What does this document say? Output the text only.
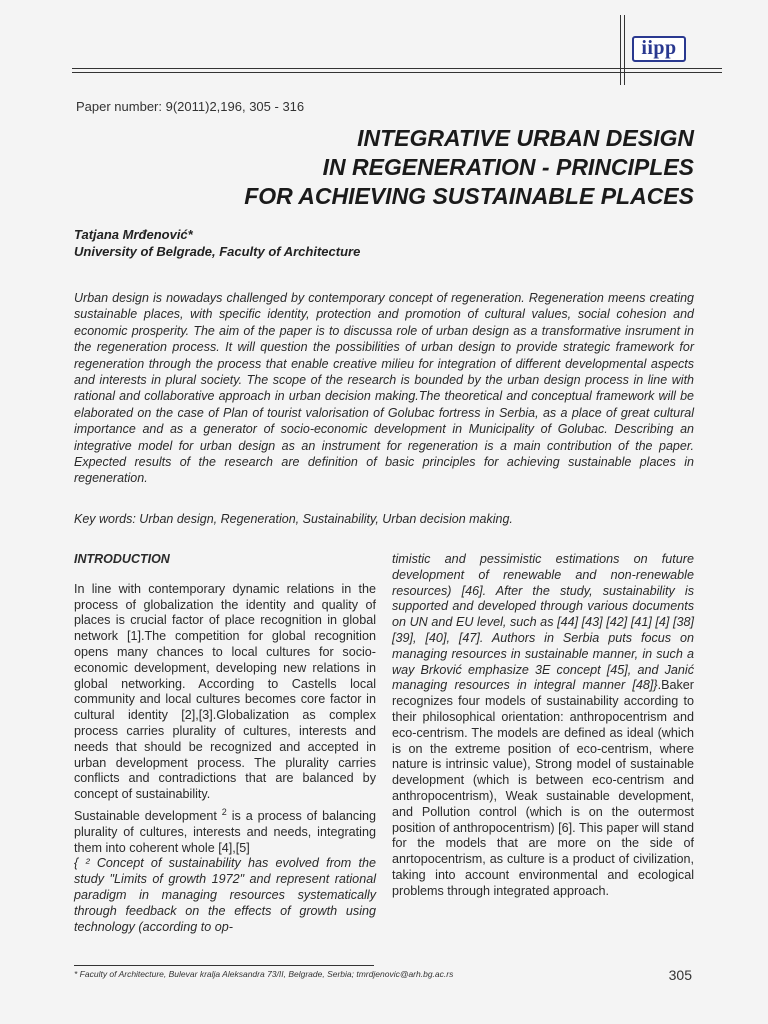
iipp
Paper number: 9(2011)2,196, 305 - 316
INTEGRATIVE URBAN DESIGN
IN REGENERATION - PRINCIPLES
FOR ACHIEVING SUSTAINABLE PLACES
Tatjana Mrđenović*
University of Belgrade, Faculty of Architecture
Urban design is nowadays challenged by contemporary concept of regeneration. Regeneration meens creating sustainable places, with specific identity, protection and promotion of cultural values, social cohesion and economic prosperity. The aim of the paper is to discussa role of urban design as a transformative insrument in the regeneration process. It will question the possibilities of urban design to provide strategic framework for regeneration through the process that enable creative milieu for integration of different developmental aspects and interests in plural society. The scope of the research is bounded by the urban design process in line with rational and collaborative approach in urban decision making.The theoretical and conceptual framework will be elaborated on the case of Plan of tourist valorisation of Golubac fortress in Serbia, as a place of great cultural importance and as a generator of socio-economic development in Municipality of Golubac. Describing an integrative model for urban design as an instrument for regeneration is a main contribution of the paper. Expected results of the research are definition of basic principles for achieving sustainable places in regeneration.
Key words: Urban design, Regeneration, Sustainability, Urban decision making.
INTRODUCTION

In line with contemporary dynamic relations in the process of globalization the identity and quality of places is crucial factor of place recognition in global network [1].The competition for global recognition opens many chances to local cultures for socio-economic development, developing new relations in global networking. According to Castells local community and local cultures becomes core factor in cultural identity [2],[3].Globalization as complex process carries plurality of cultures, interests and needs that should be recognized and accepted in urban development process. The plurality carries conflicts and contradictions that are balanced by concept of sustainability.

Sustainable development $^2$ is a process of balancing plurality of cultures, interests and needs, integrating them into coherent whole [4],[5]
{ ² Concept of sustainability has evolved from the study "Limits of growth 1972" and represent rational paradigm in managing resources systematically through feedback on the effects of growth using technology (according to op-

timistic and pessimistic estimations on future development of renewable and non-renewable resources) [46]. After the study, sustainability is supported and developed through various documents on UN and EU level, such as [44] [43] [42] [41] [4] [38] [39], [40], [47]. Authors in Serbia puts focus on managing resources in sustainable manner, in such a way Brković emphasize 3E concept [45], and Janić managing resources in integral manner [48]}.Baker recognizes four models of sustainability according to their philosophical orientation: anthropocentrism and eco-centrism. The models are defined as ideal (which is on the extreme position of eco-centrism, where nature is intrinsic value), Strong model of sustainable development (which is between eco-centrism and anthropocentrism), Weak sustainable development, and Pollution control (which is on the outermost position of anthropocentrism) [6]. This paper will stand for the models that are more on the side of anrtopocentrism, as culture is a product of civilization, taking into account environmental and ecological problems through integrated approach.

* Faculty of Architecture, Bulevar kralja Aleksandra 73/II, Belgrade, Serbia; tmrdjenovic@arh.bg.ac.rs	305
